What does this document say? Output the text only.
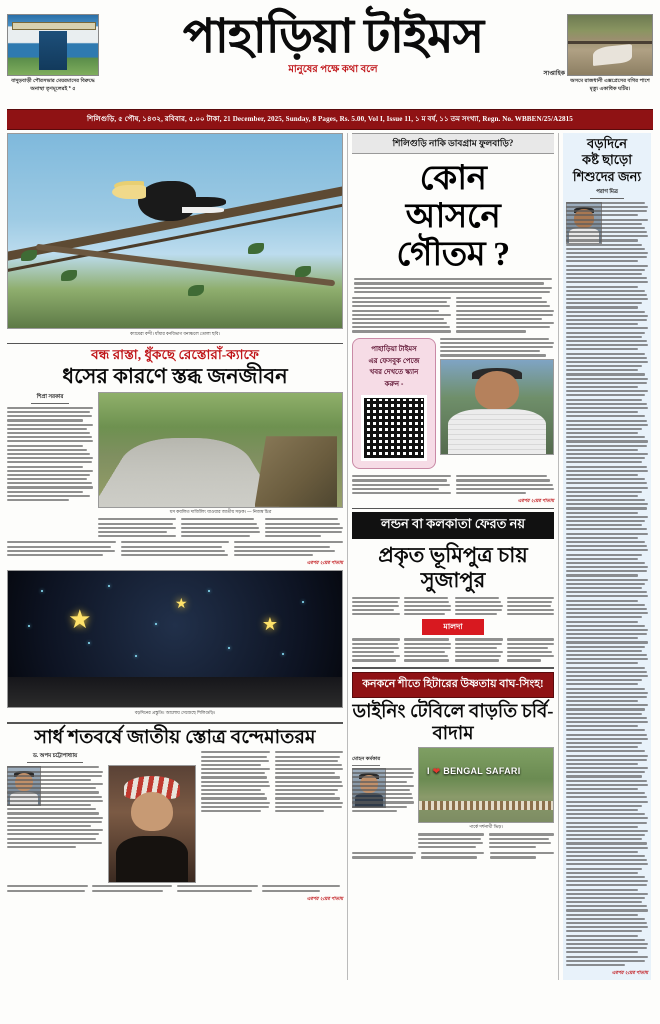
বাদুড়বাড়ী পৌরসভার মেয়রমাদের বিরুদ্ধে অনাস্থা তৃণমূলেরই * ৫
পাহাড়িয়া টাইমস
মানুষের পক্ষে কথা বলে	সাপ্তাহিক
অসমে রাজধানী এক্সপ্রেসের বগির পাশে মৃত্যু একাধিক ঘটির।
শিলিগুড়ি, ৫ পৌষ, ১৪৩২, রবিবার, ৫.০০ টাকা, 21 December, 2025, Sunday, 8 Pages, Rs. 5.00, Vol I, Issue 11, ১ ম বর্ষ, ১১ তম সংখ্যা, Regn. No. WBBEN/25/A2815
ক্যামেরা বন্দী। ধাঁধার বনবিভাগ বনাঞ্চলে তোলা ছবি।
বন্ধ রাস্তা, ধুঁকছে রেস্তোরাঁ-ক্যাফে
ধসের কারণে স্তব্ধ জনজীবন
শিপ্রা সরকার
ধস কবলিত দার্জিলিং যাওয়ার জাতীয় সড়ক। — নিজস্ব চিত্র
এরপর ২য়ের পাতায়
★	★
★
বড়দিনের প্রস্তুতি। আলোয় সেজেছে শিলিগুড়ি।
সার্ধ শতবর্ষে জাতীয় স্তোত্র বন্দেমাতরম
ড. অপম চট্টোপাধ্যায়
এরপর ২য়ের পাতায়
শিলিগুড়ি নাকি ডাবগ্রাম ফুলবাড়ি?
কোন
আসনে
গৌতম ?
পাহাড়িয়া টাইমস
এর ফেসবুক পেজে
খবর দেখতে স্ক্যান
করুন -
এরপর ২য়ের পাতায়
লন্ডন বা কলকাতা ফেরত নয়
প্রকৃত ভূমিপুত্র চায়
সুজাপুর
মালদা
কনকনে শীতে হিটারের উষ্ণতায় বাঘ-সিংহ!
ডাইনিং টেবিলে বাড়তি চর্বি-বাদাম
মোহন কর্মকার
I ❤ BENGAL SAFARI
পার্কে দর্শনার্থী ভিড়।
বড়দিনে
কষ্ট ছাড়ো
শিশুদের জন্য
পরাগ মিত্র
এরপর ২য়ের পাতায়
